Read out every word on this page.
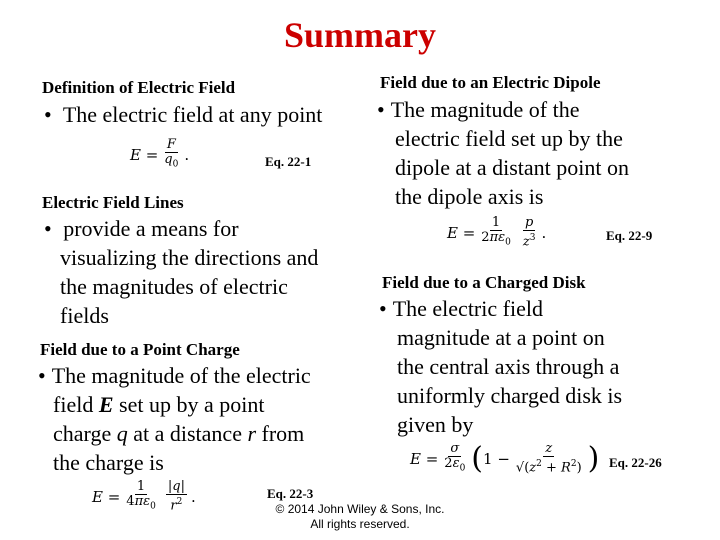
Summary
Definition of Electric Field
• The electric field at any point
$E = \frac{F}{q_0}$ .	Eq. 22-1
Electric Field Lines
• provide a means for
visualizing the directions and
the magnitudes of electric
fields
Field due to a Point Charge
• The magnitude of the electric
field E set up by a point
charge q at a distance r from
the charge is
$E = \frac{1}{4\pi\varepsilon_0} \frac{|q|}{r^2}$ .
Field due to an Electric Dipole
• The magnitude of the
electric field set up by the
dipole at a distant point on
the dipole axis is
$E = \frac{1}{2\pi\varepsilon_0} \frac{p}{z^3}$ .	Eq. 22-9
Field due to a Charged Disk
• The electric field
magnitude at a point on
the central axis through a
uniformly charged disk is
given by
$E = \frac{\sigma}{2\varepsilon_0}$ ( $1 - \frac{z}{√(z^2 + R^2)}$ ) Eq. 22-26
Eq. 22-3
© 2014 John Wiley & Sons, Inc.
All rights reserved.
